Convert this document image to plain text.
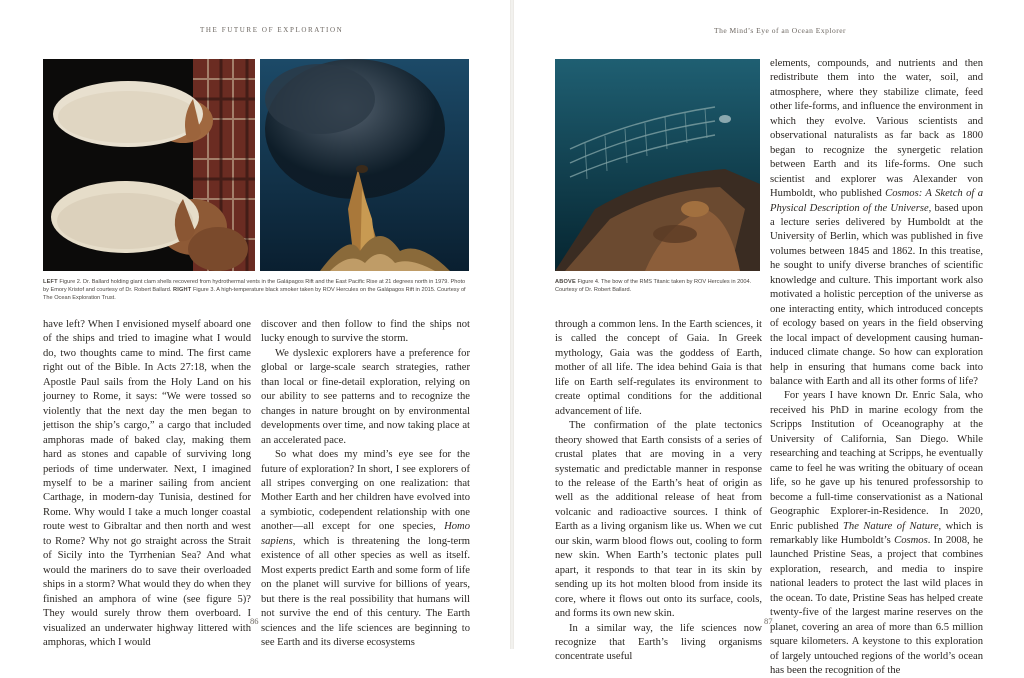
THE FUTURE OF EXPLORATION
LEFT Figure 2. Dr. Ballard holding giant clam shells recovered from hydrothermal vents in the Galápagos Rift and the East Pacific Rise at 21 degrees north in 1979. Photo by Emory Kristof and courtesy of Dr. Robert Ballard. RIGHT Figure 3. A high-temperature black smoker taken by ROV Hercules on the Galápagos Rift in 2015. Courtesy of The Ocean Exploration Trust.

have left? When I envisioned myself aboard one of the ships and tried to imagine what I would do, two thoughts came to mind. The first came right out of the Bible. In Acts 27:18, when the Apostle Paul sails from the Holy Land on his journey to Rome, it says: “We were tossed so violently that the next day the men began to jettison the ship’s cargo,” a cargo that included amphoras made of baked clay, making them hard as stones and capable of surviving long periods of time underwater. Next, I imagined myself to be a mariner sailing from ancient Carthage, in modern-day Tunisia, destined for Rome. Why would I take a much longer coastal route west to Gibraltar and then north and west to Rome? Why not go straight across the Strait of Sicily into the Tyrrhenian Sea? And what would the mariners do to save their overloaded ships in a storm? What would they do when they finished an amphora of wine (see figure 5)? They would surely throw them overboard. I visualized an underwater highway littered with amphoras, which I would

discover and then follow to find the ships not lucky enough to survive the storm.

We dyslexic explorers have a preference for global or large-scale search strategies, rather than local or fine-detail exploration, relying on our ability to see patterns and to recognize the changes in nature brought on by environmental developments over time, and now taking place at an accelerated pace.

So what does my mind’s eye see for the future of exploration? In short, I see explorers of all stripes converging on one realization: that Mother Earth and her children have evolved into a symbiotic, codependent relationship with one another—all except for one species, Homo sapiens, which is threatening the long-term existence of all other species as well as itself. Most experts predict Earth and some form of life on the planet will survive for billions of years, but there is the real possibility that humans will not survive the end of this century. The Earth sciences and the life sciences are beginning to see Earth and its diverse ecosystems

86
The Mind’s Eye of an Ocean Explorer
ABOVE Figure 4. The bow of the RMS Titanic taken by ROV Hercules in 2004. Courtesy of Dr. Robert Ballard.

through a common lens. In the Earth sciences, it is called the concept of Gaia. In Greek mythology, Gaia was the goddess of Earth, mother of all life. The idea behind Gaia is that life on Earth self-regulates its environment to create optimal conditions for the additional advancement of life.

The confirmation of the plate tectonics theory showed that Earth consists of a series of crustal plates that are moving in a very systematic and predictable manner in response to the release of the Earth’s heat of origin as well as the additional release of heat from volcanic and radioactive sources. I think of Earth as a living organism like us. When we cut our skin, warm blood flows out, cooling to form new skin. When Earth’s tectonic plates pull apart, it responds to that tear in its skin by sending up its hot molten blood from inside its core, where it flows out onto its surface, cools, and forms its own new skin.

In a similar way, the life sciences now recognize that Earth’s living organisms concentrate useful

elements, compounds, and nutrients and then redistribute them into the water, soil, and atmosphere, where they stabilize climate, feed other life-forms, and influence the environment in which they evolve. Various scientists and observational naturalists as far back as 1800 began to recognize the synergetic relation between Earth and its life-forms. One such scientist and explorer was Alexander von Humboldt, who published Cosmos: A Sketch of a Physical Description of the Universe, based upon a lecture series delivered by Humboldt at the University of Berlin, which was published in five volumes between 1845 and 1862. In this treatise, he sought to unify diverse branches of scientific knowledge and culture. This important work also motivated a holistic perception of the universe as one interacting entity, which introduced concepts of ecology based on years in the field observing the local impact of development causing human-induced climate change. So how can exploration help in ensuring that humans come back into balance with Earth and all its other forms of life?

For years I have known Dr. Enric Sala, who received his PhD in marine ecology from the Scripps Institution of Oceanography at the University of California, San Diego. While researching and teaching at Scripps, he eventually came to feel he was writing the obituary of ocean life, so he gave up his tenured professorship to become a full-time conservationist as a National Geographic Explorer-in-Residence. In 2020, Enric published The Nature of Nature, which is remarkably like Humboldt’s Cosmos. In 2008, he launched Pristine Seas, a project that combines exploration, research, and media to inspire national leaders to protect the last wild places in the ocean. To date, Pristine Seas has helped create twenty-five of the largest marine reserves on the planet, covering an area of more than 6.5 million square kilometers. A keystone to this exploration of largely untouched regions of the world’s ocean has been the recognition of the

87
